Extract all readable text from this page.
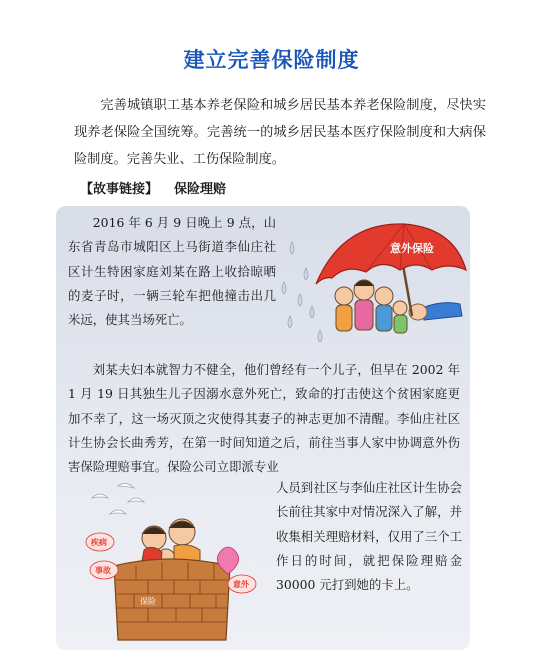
建立完善保险制度
完善城镇职工基本养老保险和城乡居民基本养老保险制度，尽快实现养老保险全国统筹。完善统一的城乡居民基本医疗保险制度和大病保险制度。完善失业、工伤保险制度。
【故事链接】 保险理赔
2016 年 6 月 9 日晚上 9 点，山东省青岛市城阳区上马街道李仙庄社区计生特困家庭刘某在路上收拾晾晒的麦子时，一辆三轮车把他撞击出几米远，使其当场死亡。
意外保险
刘某夫妇本就智力不健全，他们曾经有一个儿子，但早在 2002 年 1 月 19 日其独生儿子因溺水意外死亡，致命的打击使这个贫困家庭更加不幸了，这一场灭顶之灾使得其妻子的神志更加不清醒。李仙庄社区计生协会长曲秀芳，在第一时间知道之后，前往当事人家中协调意外伤害保险理赔事宜。保险公司立即派专业
疾病
事故
意外
保险
人员到社区与李仙庄社区计生协会长前往其家中对情况深入了解，并收集相关理赔材料，仅用了三个工作日的时间，就把保险理赔金 30000 元打到她的卡上。
